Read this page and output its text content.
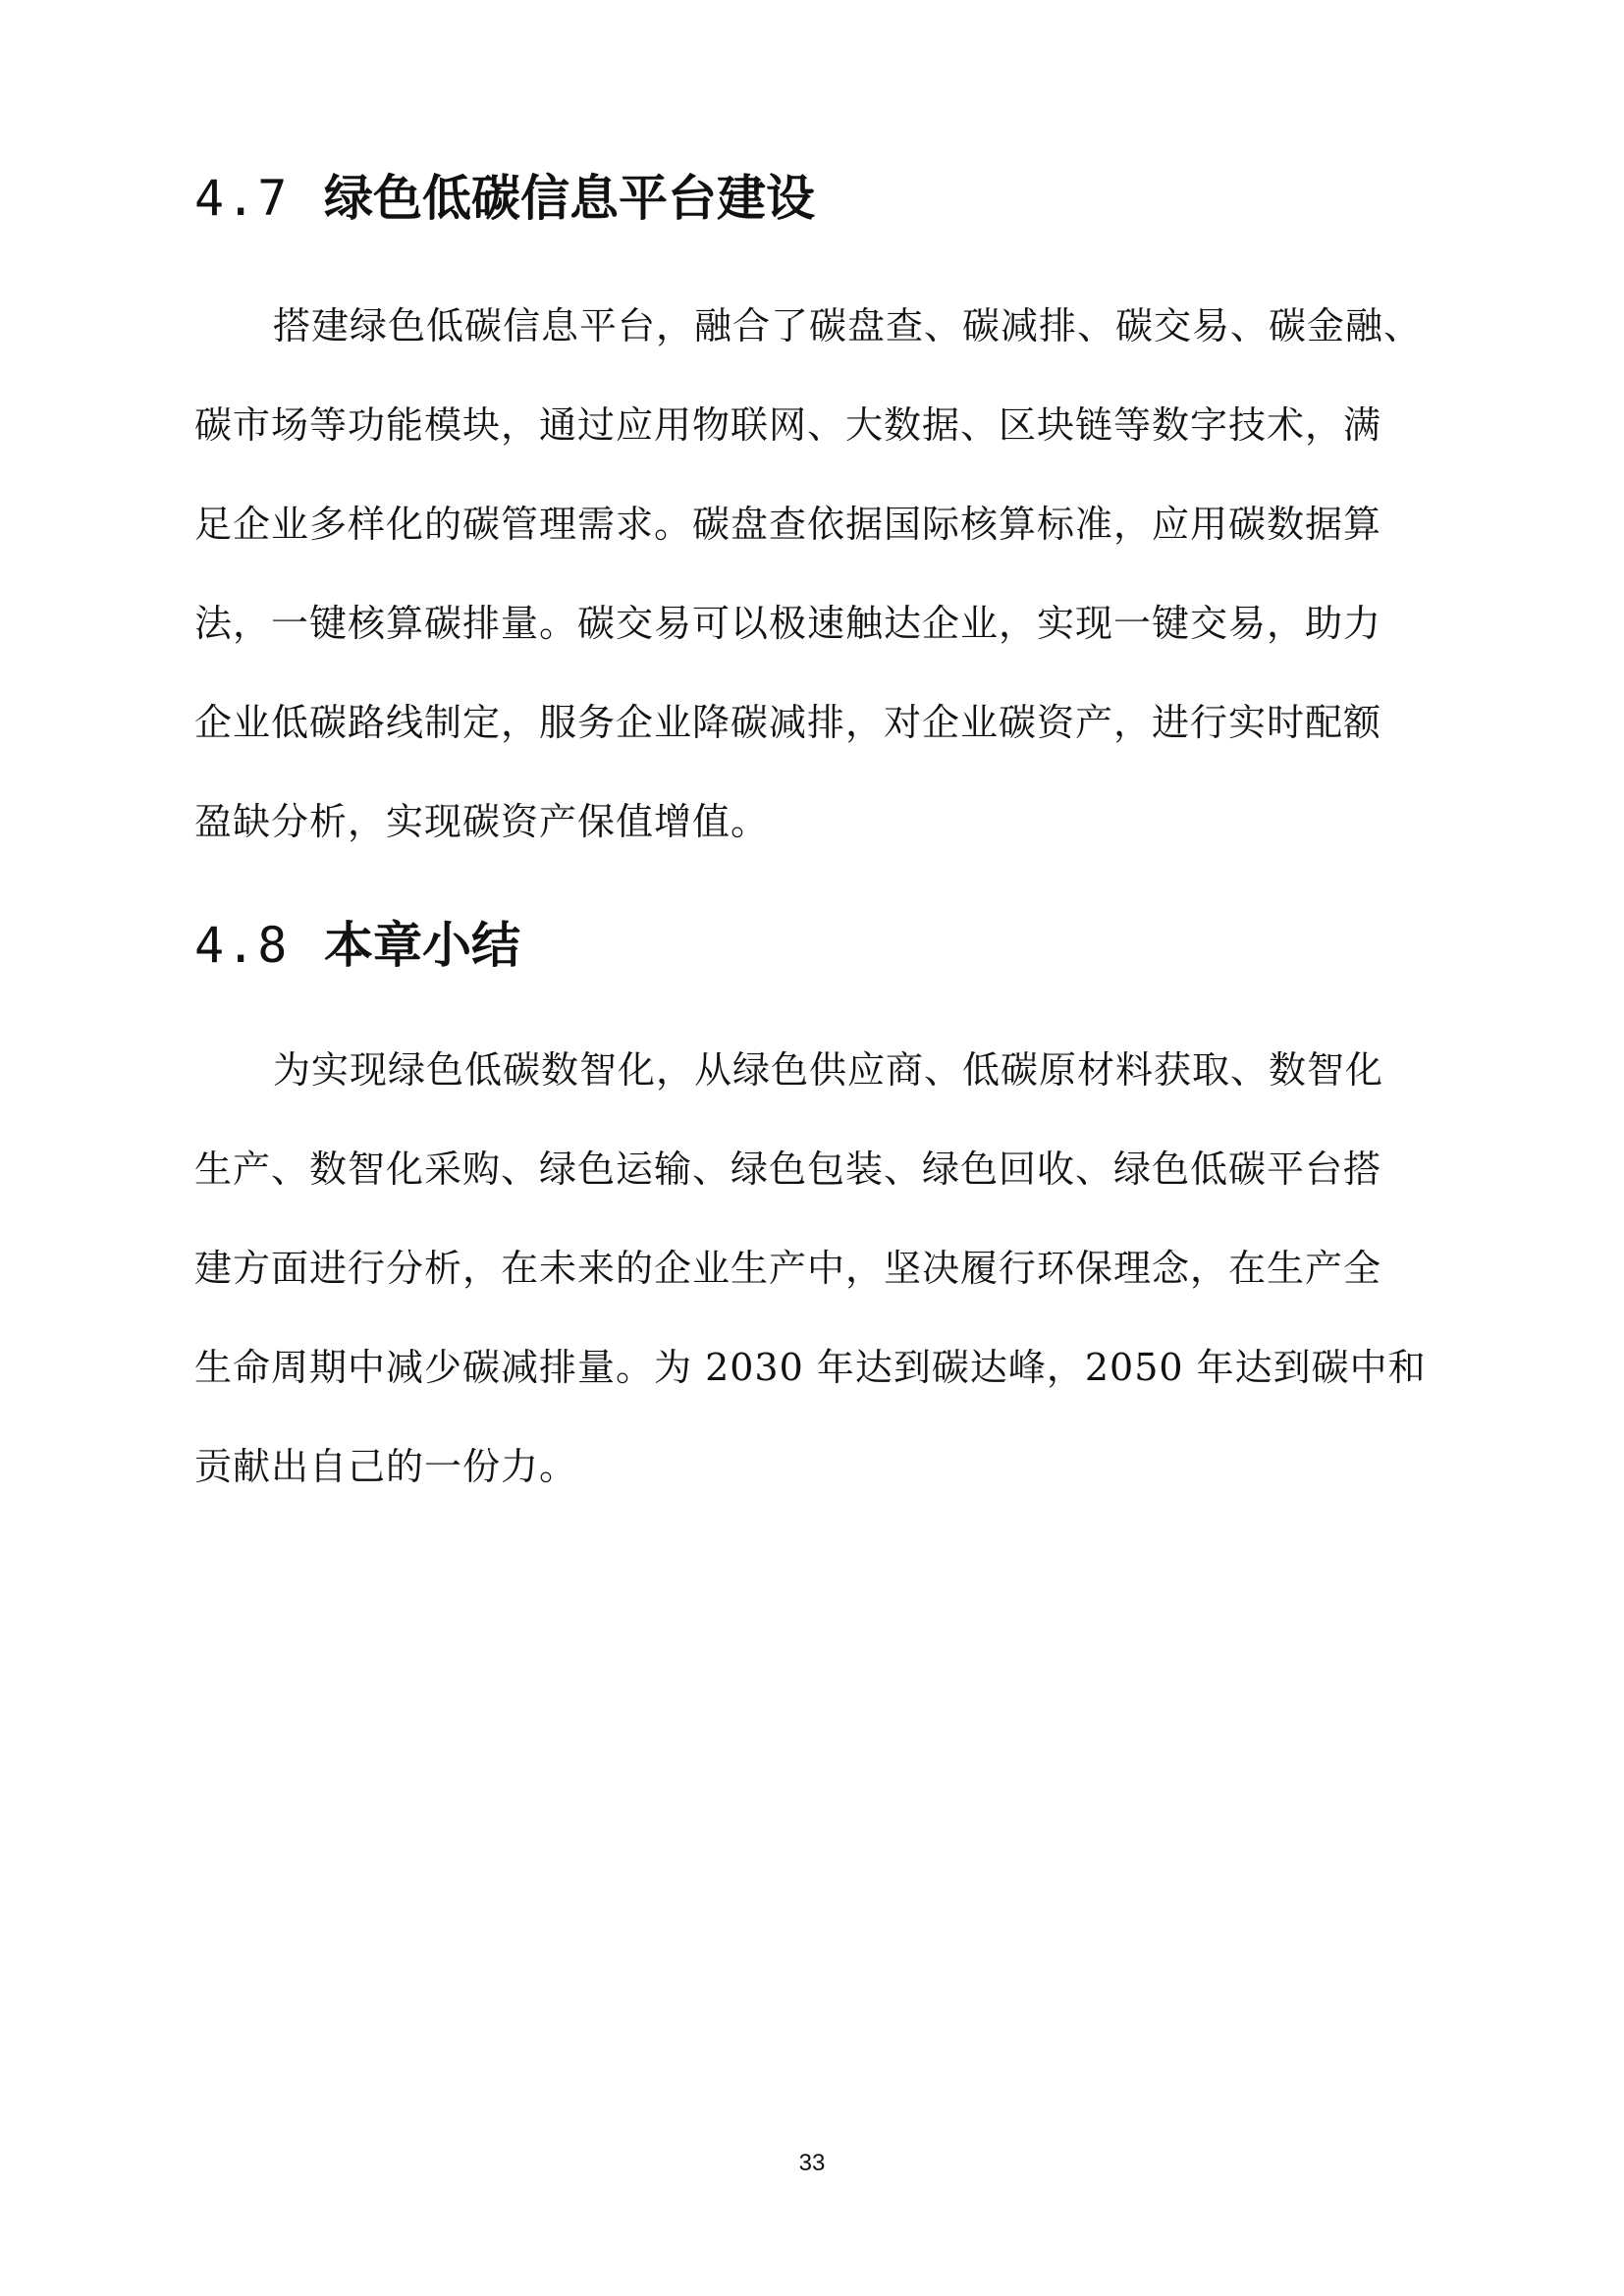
4.7 绿色低碳信息平台建设
搭建绿色低碳信息平台，融合了碳盘查、碳减排、碳交易、碳金融、
碳市场等功能模块，通过应用物联网、大数据、区块链等数字技术，满
足企业多样化的碳管理需求。碳盘查依据国际核算标准，应用碳数据算
法，一键核算碳排量。碳交易可以极速触达企业，实现一键交易，助力
企业低碳路线制定，服务企业降碳减排，对企业碳资产，进行实时配额
盈缺分析，实现碳资产保值增值。
4.8 本章小结
为实现绿色低碳数智化，从绿色供应商、低碳原材料获取、数智化
生产、数智化采购、绿色运输、绿色包装、绿色回收、绿色低碳平台搭
建方面进行分析，在未来的企业生产中，坚决履行环保理念，在生产全
生命周期中减少碳减排量。为 2030 年达到碳达峰，2050 年达到碳中和
贡献出自己的一份力。
33
